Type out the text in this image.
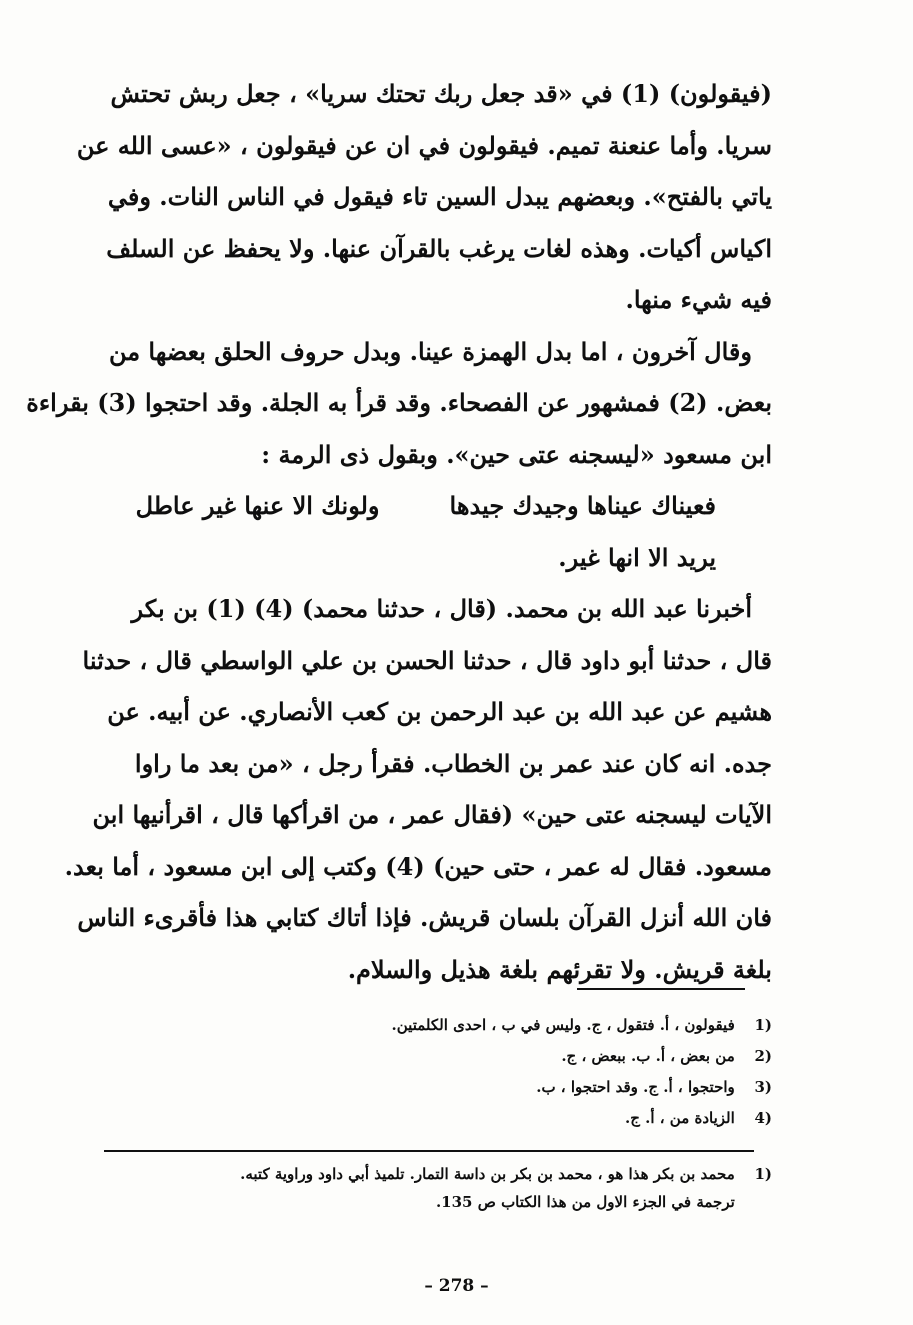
(فيقولون) (1) في «قد جعل ربك تحتك سريا» ، جعل ربش تحتش
سريا. وأما عنعنة تميم. فيقولون في ان عن فيقولون ، «عسى الله عن
ياتي بالفتح». وبعضهم يبدل السين تاء فيقول في الناس النات. وفي
اكياس أكيات. وهذه لغات يرغب بالقرآن عنها. ولا يحفظ عن السلف
فيه شيء منها.
وقال آخرون ، اما بدل الهمزة عينا. وبدل حروف الحلق بعضها من
بعض. (2) فمشهور عن الفصحاء. وقد قرأ به الجلة. وقد احتجوا (3) بقراءة
ابن مسعود «ليسجنه عتى حين». وبقول ذى الرمة :
فعيناك عيناها وجيدك جيدها
ولونك الا عنها غير عاطل
يريد الا انها غير.
أخبرنا عبد الله بن محمد. (قال ، حدثنا محمد) (4) (1) بن بكر
قال ، حدثنا أبو داود قال ، حدثنا الحسن بن علي الواسطي قال ، حدثنا
هشيم عن عبد الله بن عبد الرحمن بن كعب الأنصاري. عن أبيه. عن
جده. انه كان عند عمر بن الخطاب. فقرأ رجل ، «من بعد ما راوا
الآيات ليسجنه عتى حين» (فقال عمر ، من اقرأكها قال ، اقرأنيها ابن
مسعود. فقال له عمر ، حتى حين) (4) وكتب إلى ابن مسعود ، أما بعد.
فان الله أنزل القرآن بلسان قريش. فإذا أتاك كتابي هذا فأقرىء الناس
بلغة قريش. ولا تقرئهم بلغة هذيل والسلام.
(1 فيقولون ، أ. فتقول ، ج. وليس في ب ، احدى الكلمتين.
(2 من بعض ، أ. ب. ببعض ، ج.
(3 واحتجوا ، أ. ج. وقد احتجوا ، ب.
(4 الزيادة من ، أ. ج.
(1 محمد بن بكر هذا هو ، محمد بن بكر بن داسة التمار. تلميذ أبي داود وراوية كتبه.
ترجمة في الجزء الاول من هذا الكتاب ص 135.
– 278 –
